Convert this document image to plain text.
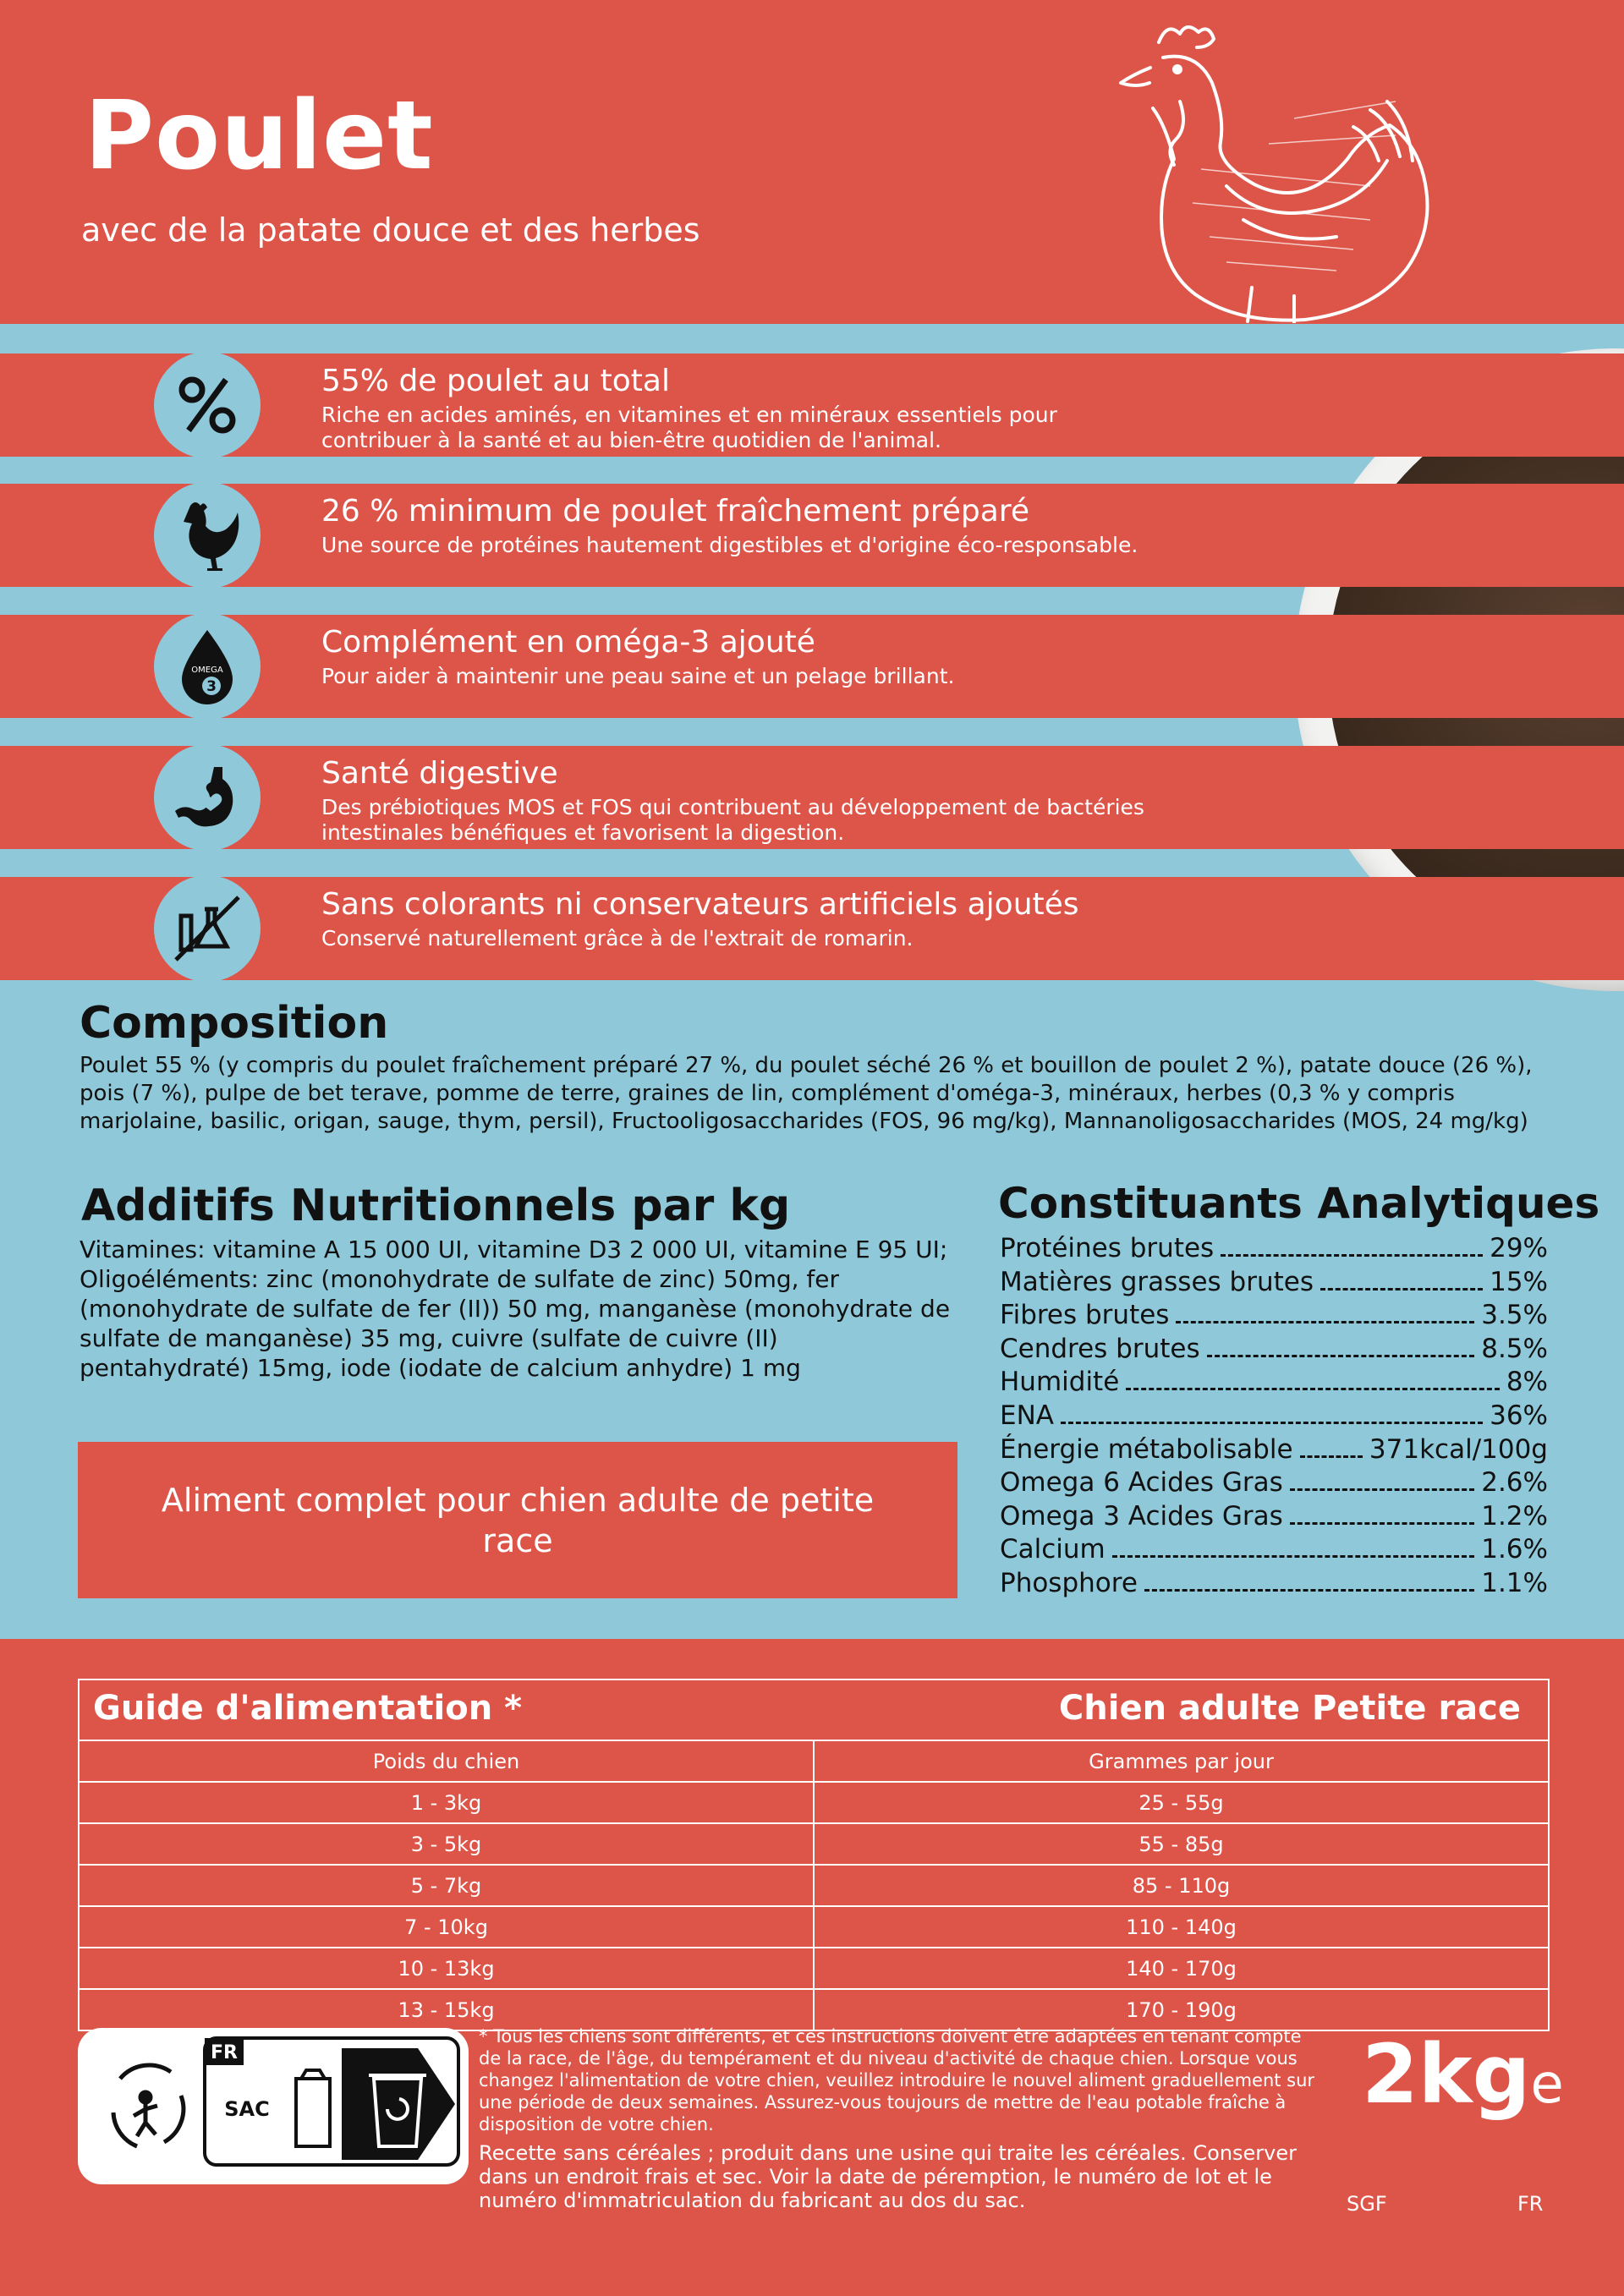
Poulet
avec de la patate douce et des herbes
55% de poulet au total
Riche en acides aminés, en vitamines et en minéraux essentiels pour contribuer à la santé et au bien-être quotidien de l'animal.
26 % minimum de poulet fraîchement préparé
Une source de protéines hautement digestibles et d'origine éco-responsable.
OMEGA
3
Complément en oméga-3 ajouté
Pour aider à maintenir une peau saine et un pelage brillant.
Santé digestive
Des prébiotiques MOS et FOS qui contribuent au développement de bactéries intestinales bénéfiques et favorisent la digestion.
Sans colorants ni conservateurs artificiels ajoutés
Conservé naturellement grâce à de l'extrait de romarin.
Composition
Poulet 55 % (y compris du poulet fraîchement préparé 27 %, du poulet séché 26 % et bouillon de poulet 2 %), patate douce (26 %), pois (7 %), pulpe de bet terave, pomme de terre, graines de lin, complément d'oméga-3, minéraux, herbes (0,3 % y compris marjolaine, basilic, origan, sauge, thym, persil), Fructooligosaccharides (FOS, 96 mg/kg), Mannanoligosaccharides (MOS, 24 mg/kg)
Additifs Nutritionnels par kg
Vitamines: vitamine A 15 000 UI, vitamine D3 2 000 UI, vitamine E 95 UI; Oligoéléments: zinc (monohydrate de sulfate de zinc) 50mg, fer (monohydrate de sulfate de fer (II)) 50 mg, manganèse (monohydrate de sulfate de manganèse) 35 mg, cuivre (sulfate de cuivre (II) pentahydraté) 15mg, iode (iodate de calcium anhydre) 1 mg
Aliment complet pour chien adulte de petite race
Constituants Analytiques
Protéines brutes	29%
Matières grasses brutes	15%
Fibres brutes	3.5%
Cendres brutes	8.5%
Humidité	8%
ENA	36%
Énergie métabolisable	371kcal/100g
Omega 6 Acides Gras	2.6%
Omega 3 Acides Gras	1.2%
Calcium	1.6%
Phosphore	1.1%
Guide d'alimentation *	Chien adulte Petite race
Poids du chien	Grammes par jour
1 - 3kg	25 - 55g
3 - 5kg	55 - 85g
5 - 7kg	85 - 110g
7 - 10kg	110 - 140g
10 - 13kg	140 - 170g
13 - 15kg	170 - 190g
FR
SAC
* Tous les chiens sont différents, et ces instructions doivent être adaptées en tenant compte de la race, de l'âge, du tempérament et du niveau d'activité de chaque chien. Lorsque vous changez l'alimentation de votre chien, veuillez introduire le nouvel aliment graduellement sur une période de deux semaines. Assurez-vous toujours de mettre de l'eau potable fraîche à disposition de votre chien.
Recette sans céréales ; produit dans une usine qui traite les céréales. Conserver dans un endroit frais et sec. Voir la date de péremption, le numéro de lot et le numéro d'immatriculation du fabricant au dos du sac.
2kge
SGF	FR
